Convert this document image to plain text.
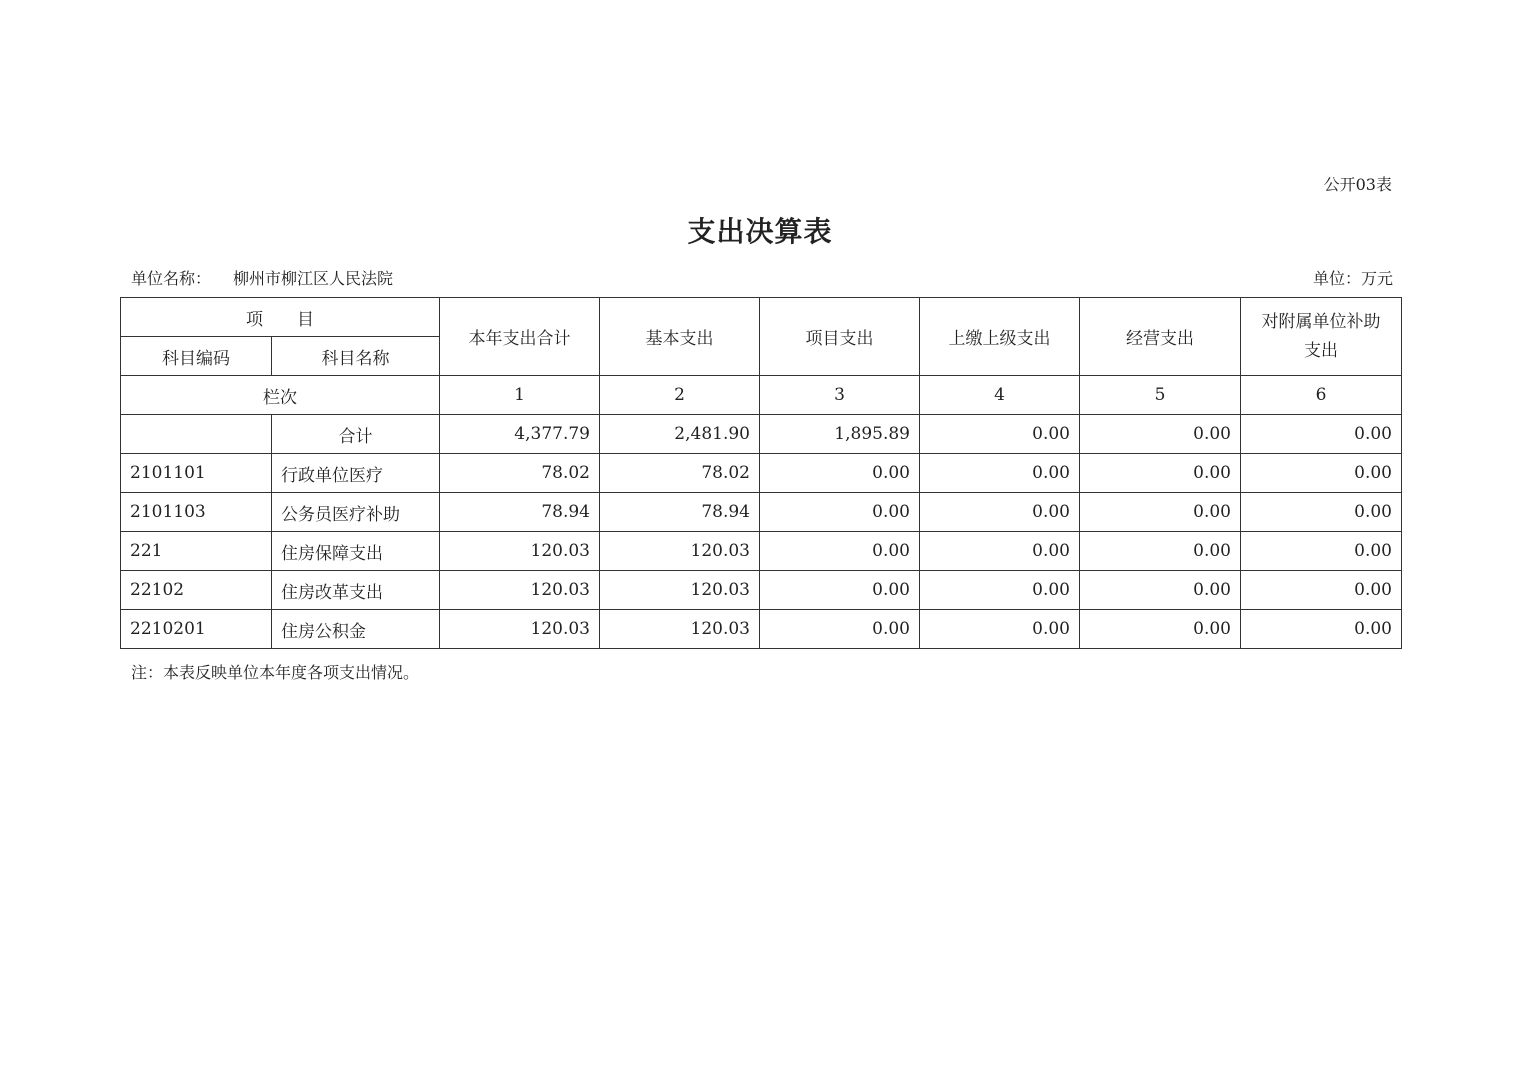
公开03表
支出决算表
单位名称： 柳州市柳江区人民法院	单位：万元
项　　目		本年支出合计	基本支出	项目支出	上缴上级支出	经营支出	对附属单位补助支出
科目编码	科目名称						
栏次		1	2	3	4	5	6
	合计	4,377.79	2,481.90	1,895.89	0.00	0.00	0.00
2101101	行政单位医疗	78.02	78.02	0.00	0.00	0.00	0.00
2101103	公务员医疗补助	78.94	78.94	0.00	0.00	0.00	0.00
221	住房保障支出	120.03	120.03	0.00	0.00	0.00	0.00
22102	住房改革支出	120.03	120.03	0.00	0.00	0.00	0.00
2210201	住房公积金	120.03	120.03	0.00	0.00	0.00	0.00
注：本表反映单位本年度各项支出情况。
